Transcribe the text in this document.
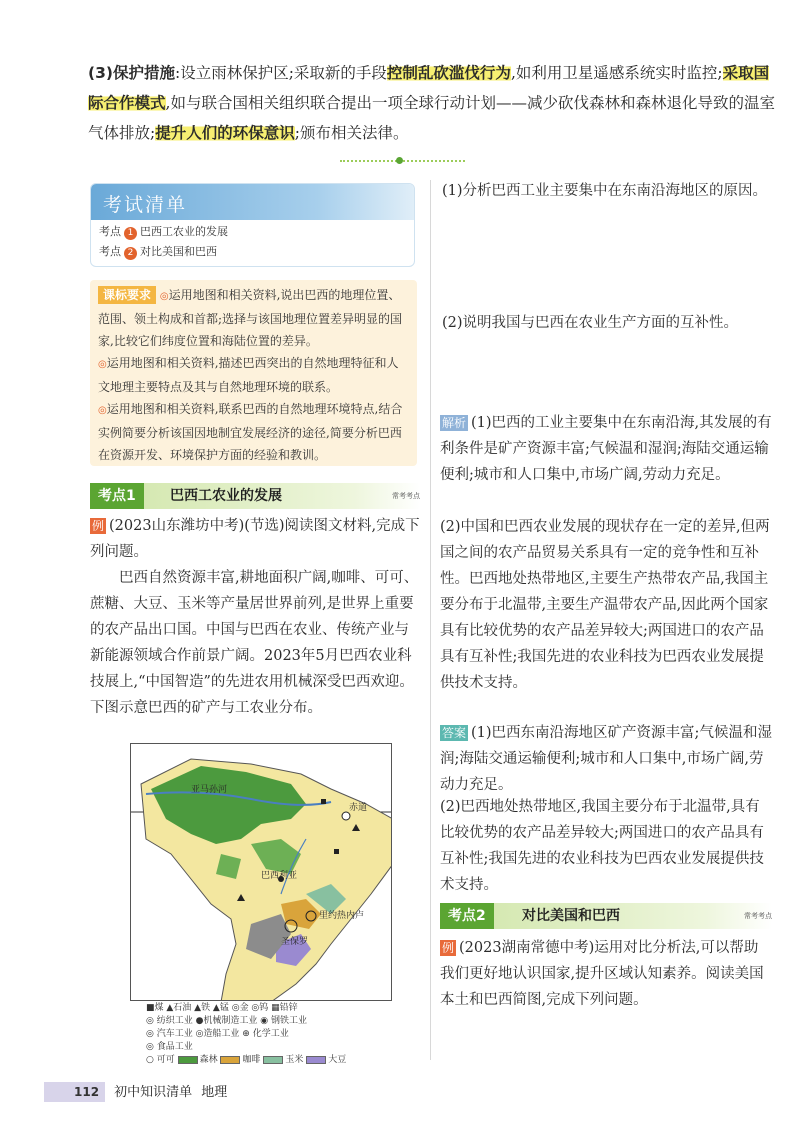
(3)保护措施:设立雨林保护区;采取新的手段控制乱砍滥伐行为,如利用卫星遥感系统实时监控;采取国际合作模式,如与联合国相关组织联合提出一项全球行动计划——减少砍伐森林和森林退化导致的温室气体排放;提升人们的环保意识;颁布相关法律。
考试清单
考点 1 巴西工农业的发展
考点 2 对比美国和巴西
课标要求 ◎运用地图和相关资料,说出巴西的地理位置、范围、领土构成和首都;选择与该国地理位置差异明显的国家,比较它们纬度位置和海陆位置的差异。
◎运用地图和相关资料,描述巴西突出的自然地理特征和人文地理主要特点及其与自然地理环境的联系。
◎运用地图和相关资料,联系巴西的自然地理环境特点,结合实例简要分析该国因地制宜发展经济的途径,简要分析巴西在资源开发、环境保护方面的经验和教训。
考点1	巴西工农业的发展	常考考点
例 (2023山东潍坊中考)(节选)阅读图文材料,完成下列问题。
巴西自然资源丰富,耕地面积广阔,咖啡、可可、蔗糖、大豆、玉米等产量居世界前列,是世界上重要的农产品出口国。中国与巴西在农业、传统产业与新能源领域合作前景广阔。2023年5月巴西农业科技展上,“中国智造”的先进农用机械深受巴西欢迎。下图示意巴西的矿产与工农业分布。
赤道
亚马孙河
巴西利亚
里约热内卢
圣保罗
■煤 ▲石油 ▲铁 ▲锰 ◎金 ◎钨 ▦铅锌
◎ 纺织工业 ●机械制造工业 ◉ 钢铁工业
◎ 汽车工业 ◎造船工业 ⊕ 化学工业
◎ 食品工业
○ 可可	森林	咖啡	玉米	大豆
(1)分析巴西工业主要集中在东南沿海地区的原因。
(2)说明我国与巴西在农业生产方面的互补性。
解析 (1)巴西的工业主要集中在东南沿海,其发展的有利条件是矿产资源丰富;气候温和湿润;海陆交通运输便利;城市和人口集中,市场广阔,劳动力充足。
(2)中国和巴西农业发展的现状存在一定的差异,但两国之间的农产品贸易关系具有一定的竞争性和互补性。巴西地处热带地区,主要生产热带农产品,我国主要分布于北温带,主要生产温带农产品,因此两个国家具有比较优势的农产品差异较大;两国进口的农产品具有互补性;我国先进的农业科技为巴西农业发展提供技术支持。
答案 (1)巴西东南沿海地区矿产资源丰富;气候温和湿润;海陆交通运输便利;城市和人口集中,市场广阔,劳动力充足。
(2)巴西地处热带地区,我国主要分布于北温带,具有比较优势的农产品差异较大;两国进口的农产品具有互补性;我国先进的农业科技为巴西农业发展提供技术支持。
考点2	对比美国和巴西	常考考点
例 (2023湖南常德中考)运用对比分析法,可以帮助我们更好地认识国家,提升区域认知素养。阅读美国本土和巴西简图,完成下列问题。
112 初中知识清单 地理
